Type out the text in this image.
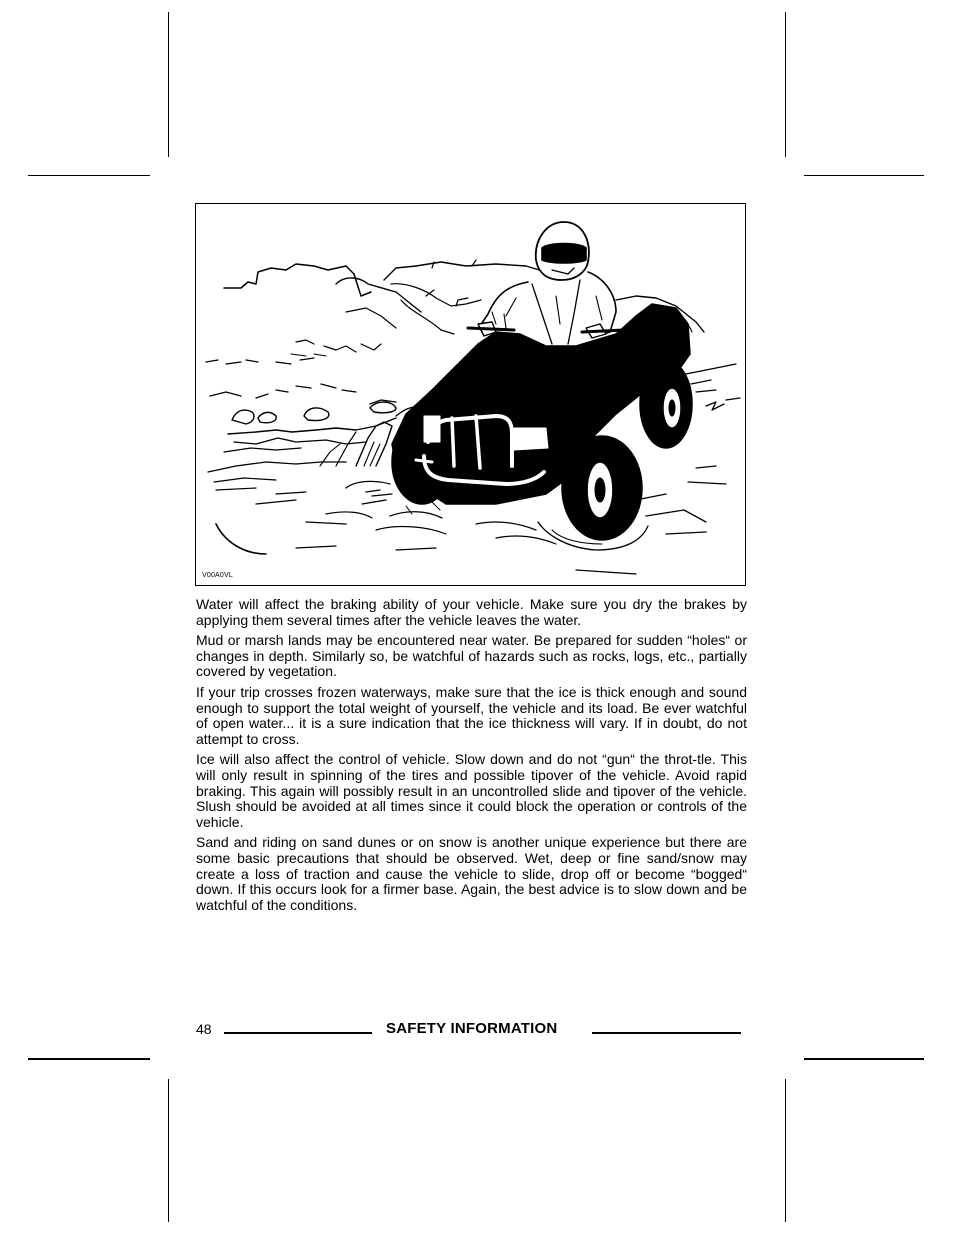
V00A0VL

Water will affect the braking ability of your vehicle. Make sure you dry the brakes by applying them several times after the vehicle leaves the water.

Mud or marsh lands may be encountered near water. Be prepared for sudden “holes“ or changes in depth. Similarly so, be watchful of hazards such as rocks, logs, etc., partially covered by vegetation.

If your trip crosses frozen waterways, make sure that the ice is thick enough and sound enough to support the total weight of yourself, the vehicle and its load. Be ever watchful of open water... it is a sure indication that the ice thickness will vary. If in doubt, do not attempt to cross.

Ice will also affect the control of vehicle. Slow down and do not “gun“ the throt-tle. This will only result in spinning of the tires and possible tipover of the vehicle. Avoid rapid braking. This again will possibly result in an uncontrolled slide and tipover of the vehicle. Slush should be avoided at all times since it could block the operation or controls of the vehicle.

Sand and riding on sand dunes or on snow is another unique experience but there are some basic precautions that should be observed. Wet, deep or fine sand/snow may create a loss of traction and cause the vehicle to slide, drop off or become “bogged“ down. If this occurs look for a firmer base. Again, the best advice is to slow down and be watchful of the conditions.

48	SAFETY INFORMATION
